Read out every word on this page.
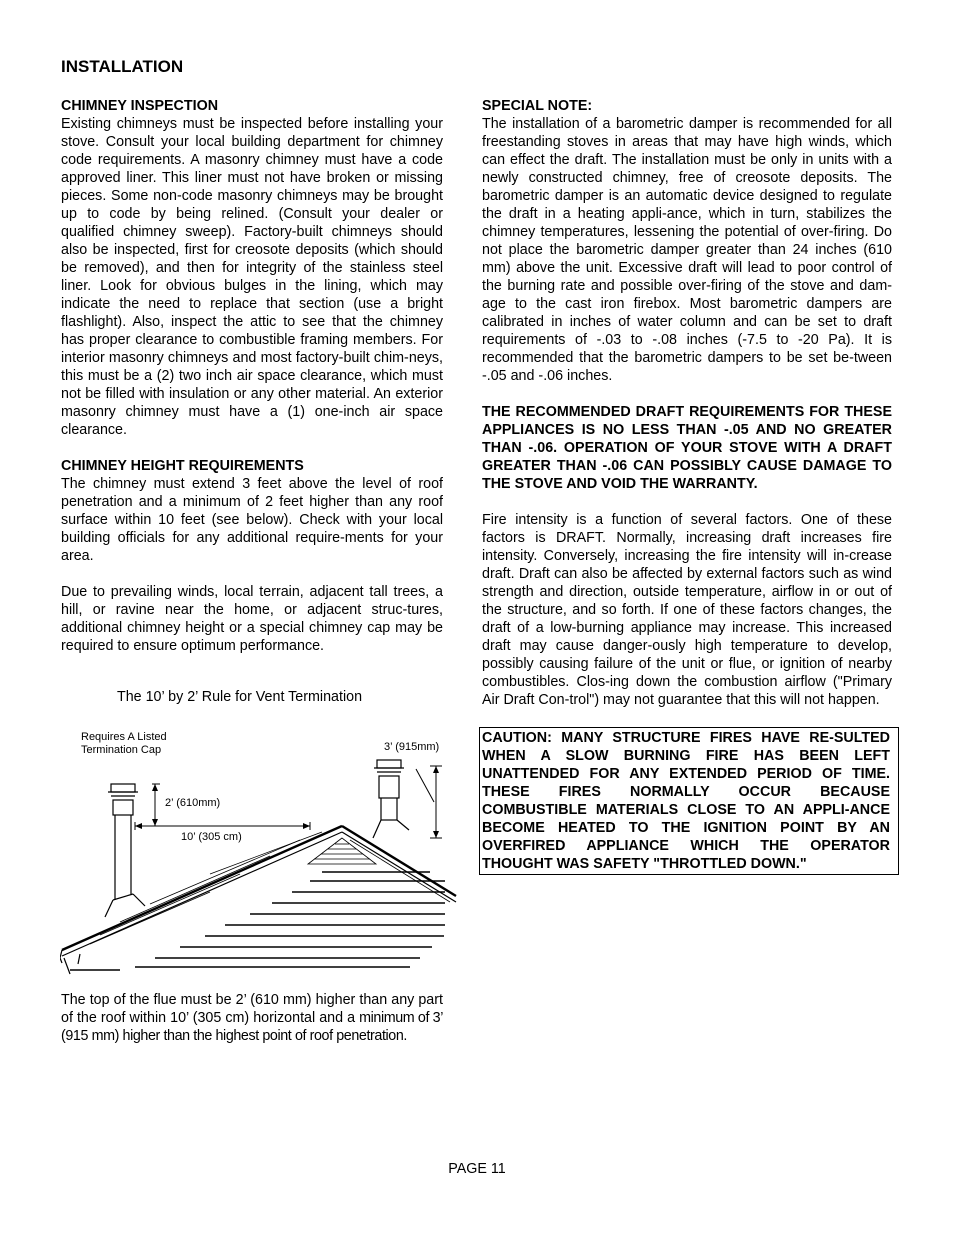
INSTALLATION
CHIMNEY INSPECTION

Existing chimneys must be inspected before installing your stove. Consult your local building department for chimney code requirements. A masonry chimney must have a code approved liner. This liner must not have broken or missing pieces. Some non-code masonry chimneys may be brought up to code by being relined. (Consult your dealer or qualified chimney sweep). Factory-built chimneys should also be inspected, first for creosote deposits (which should be removed), and then for integrity of the stainless steel liner. Look for obvious bulges in the lining, which may indicate the need to replace that section (use a bright flashlight). Also, inspect the attic to see that the chimney has proper clearance to combustible framing members. For interior masonry chimneys and most factory-built chim-neys, this must be a (2) two inch air space clearance, which must not be filled with insulation or any other material. An exterior masonry chimney must have a (1) one-inch air space clearance.

CHIMNEY HEIGHT REQUIREMENTS

The chimney must extend 3 feet above the level of roof penetration and a minimum of 2 feet higher than any roof surface within 10 feet (see below). Check with your local building officials for any additional require-ments for your area.

Due to prevailing winds, local terrain, adjacent tall trees, a hill, or ravine near the home, or adjacent struc-tures, additional chimney height or a special chimney cap may be required to ensure optimum performance.

The 10’ by 2’ Rule for Vent Termination
Requires A Listed
Termination Cap	3’ (915mm)
2’ (610mm)
10’ (305 cm)
The top of the flue must be 2’ (610 mm) higher than any part of the roof within 10’ (305 cm) horizontal and a minimum of 3’ (915 mm) higher than the highest point of roof penetration.
SPECIAL NOTE:

The installation of a barometric damper is recommended for all freestanding stoves in areas that may have high winds, which can effect the draft. The installation must be only in units with a newly constructed chimney, free of creosote deposits. The barometric damper is an automatic device designed to regulate the draft in a heating appli-ance, which in turn, stabilizes the chimney temperatures, lessening the potential of over-firing. Do not place the barometric damper greater than 24 inches (610 mm) above the unit. Excessive draft will lead to poor control of the burning rate and possible over-firing of the stove and dam-age to the cast iron firebox. Most barometric dampers are calibrated in inches of water column and can be set to draft requirements of -.03 to -.08 inches (-7.5 to -20 Pa). It is recommended that the barometric dampers to be set be-tween -.05 and -.06 inches.

THE RECOMMENDED DRAFT REQUIREMENTS FOR THESE APPLIANCES IS NO LESS THAN -.05 AND NO GREATER THAN -.06. OPERATION OF YOUR STOVE WITH A DRAFT GREATER THAN -.06 CAN POSSIBLY CAUSE DAMAGE TO THE STOVE AND VOID THE WARRANTY.

Fire intensity is a function of several factors. One of these factors is DRAFT. Normally, increasing draft increases fire intensity. Conversely, increasing the fire intensity will in-crease draft. Draft can also be affected by external factors such as wind strength and direction, outside temperature, airflow in or out of the structure, and so forth. If one of these factors changes, the draft of a low-burning appliance may increase. This increased draft may cause danger-ously high temperature to develop, possibly causing failure of the unit or flue, or ignition of nearby combustibles. Clos-ing down the combustion airflow ("Primary Air Draft Con-trol") may not guarantee that this will not happen.

CAUTION: MANY STRUCTURE FIRES HAVE RE-SULTED WHEN A SLOW BURNING FIRE HAS BEEN LEFT UNATTENDED FOR ANY EXTENDED PERIOD OF TIME. THESE FIRES NORMALLY OCCUR BECAUSE COMBUSTIBLE MATERIALS CLOSE TO AN APPLI-ANCE BECOME HEATED TO THE IGNITION POINT BY AN OVERFIRED APPLIANCE WHICH THE OPERATOR THOUGHT WAS SAFETY "THROTTLED DOWN."
PAGE 11
